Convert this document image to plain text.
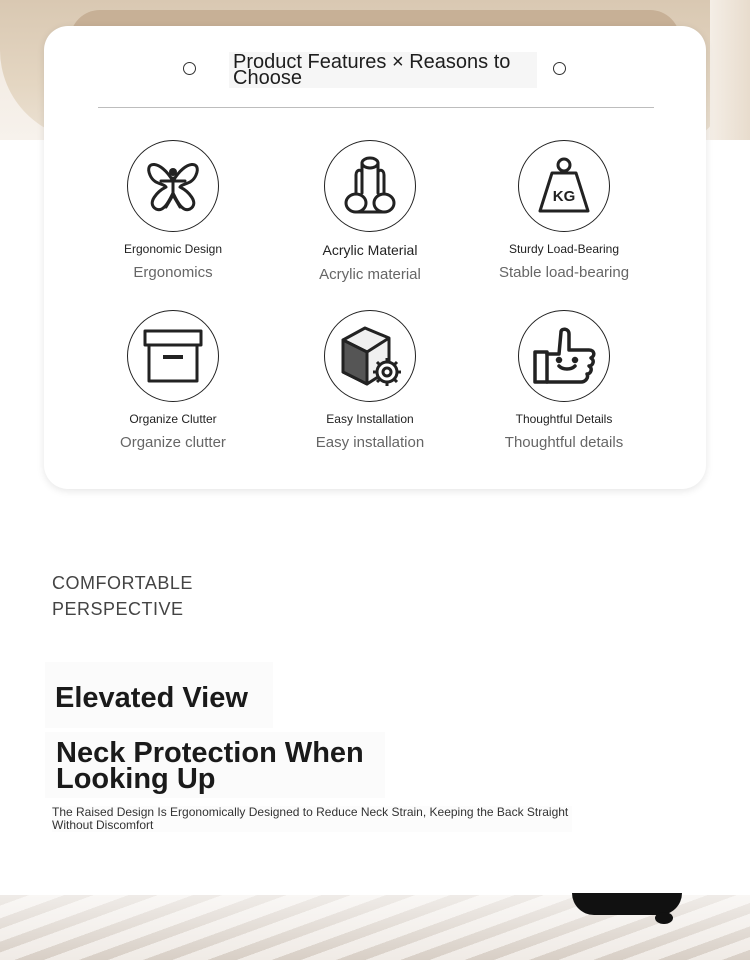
Product Features × Reasons to Choose
Ergonomic Design
Ergonomics
Acrylic Material
Acrylic material
KG
Sturdy Load-Bearing
Stable load-bearing
Organize Clutter
Organize clutter
Easy Installation
Easy installation
Thoughtful Details
Thoughtful details
COMFORTABLE
PERSPECTIVE
Elevated View
Neck Protection When
Looking Up
The Raised Design Is Ergonomically Designed to Reduce Neck Strain, Keeping the Back Straight Without Discomfort
